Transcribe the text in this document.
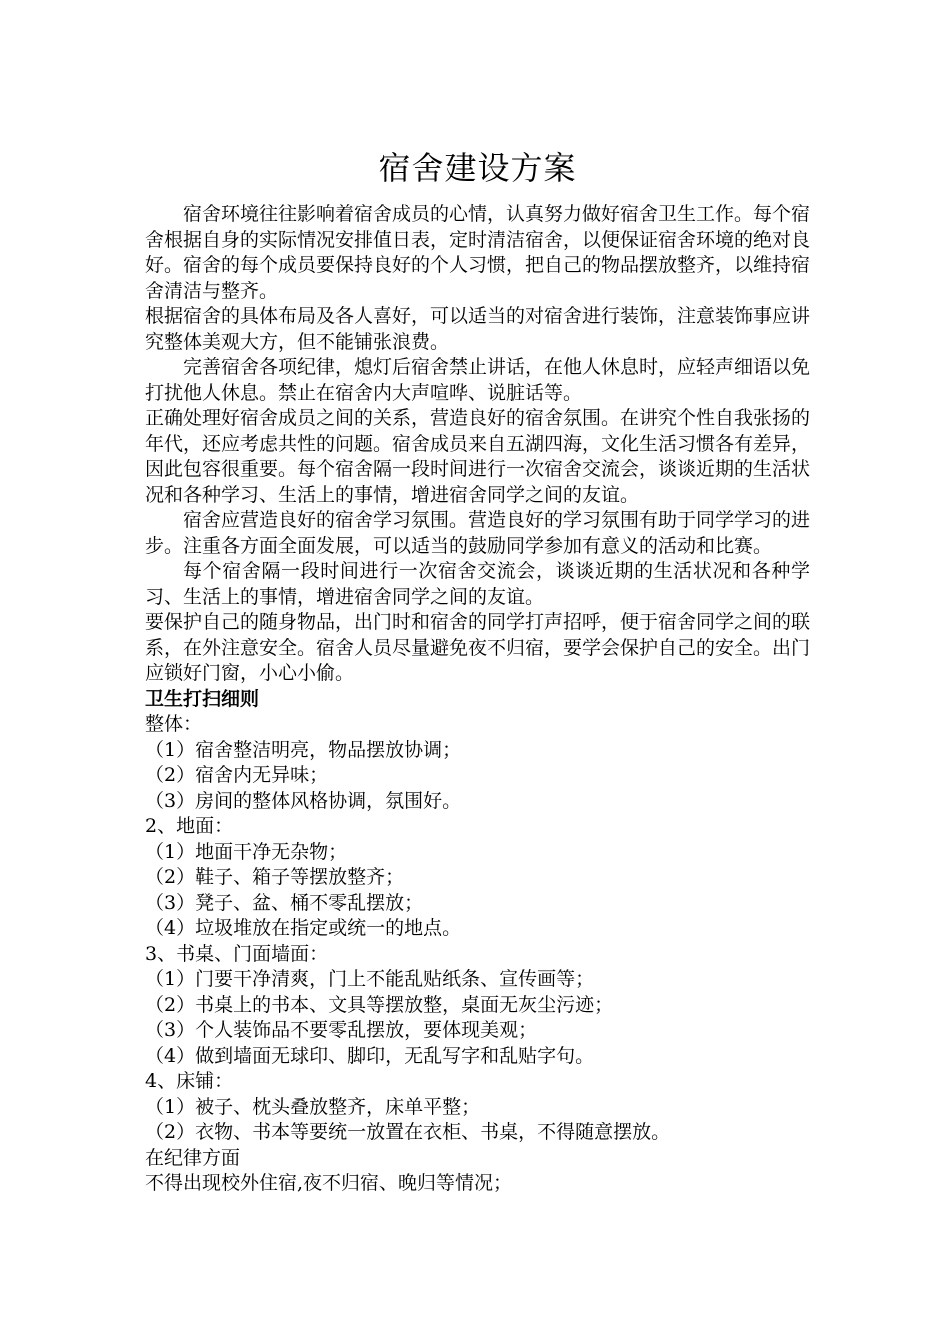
宿舍建设方案

宿舍环境往往影响着宿舍成员的心情，认真努力做好宿舍卫生工作。每个宿舍根据自身的实际情况安排值日表，定时清洁宿舍，以便保证宿舍环境的绝对良好。宿舍的每个成员要保持良好的个人习惯，把自己的物品摆放整齐，以维持宿舍清洁与整齐。

根据宿舍的具体布局及各人喜好，可以适当的对宿舍进行装饰，注意装饰事应讲究整体美观大方，但不能铺张浪费。

完善宿舍各项纪律，熄灯后宿舍禁止讲话，在他人休息时，应轻声细语以免打扰他人休息。禁止在宿舍内大声喧哗、说脏话等。

正确处理好宿舍成员之间的关系，营造良好的宿舍氛围。在讲究个性自我张扬的年代，还应考虑共性的问题。宿舍成员来自五湖四海，文化生活习惯各有差异，因此包容很重要。每个宿舍隔一段时间进行一次宿舍交流会，谈谈近期的生活状况和各种学习、生活上的事情，增进宿舍同学之间的友谊。

宿舍应营造良好的宿舍学习氛围。营造良好的学习氛围有助于同学学习的进步。注重各方面全面发展，可以适当的鼓励同学参加有意义的活动和比赛。

每个宿舍隔一段时间进行一次宿舍交流会，谈谈近期的生活状况和各种学习、生活上的事情，增进宿舍同学之间的友谊。

要保护自己的随身物品，出门时和宿舍的同学打声招呼，便于宿舍同学之间的联系，在外注意安全。宿舍人员尽量避免夜不归宿，要学会保护自己的安全。出门应锁好门窗，小心小偷。

卫生打扫细则

整体：

（1）宿舍整洁明亮，物品摆放协调；

（2）宿舍内无异味；

（3）房间的整体风格协调，氛围好。

2、地面：

（1）地面干净无杂物；

（2）鞋子、箱子等摆放整齐；

（3）凳子、盆、桶不零乱摆放；

（4）垃圾堆放在指定或统一的地点。

3、书桌、门面墙面：

（1）门要干净清爽，门上不能乱贴纸条、宣传画等；

（2）书桌上的书本、文具等摆放整，桌面无灰尘污迹；

（3）个人装饰品不要零乱摆放，要体现美观；

（4）做到墙面无球印、脚印，无乱写字和乱贴字句。

4、床铺：

（1）被子、枕头叠放整齐，床单平整；

（2）衣物、书本等要统一放置在衣柜、书桌，不得随意摆放。

在纪律方面

不得出现校外住宿,夜不归宿、晚归等情况；
